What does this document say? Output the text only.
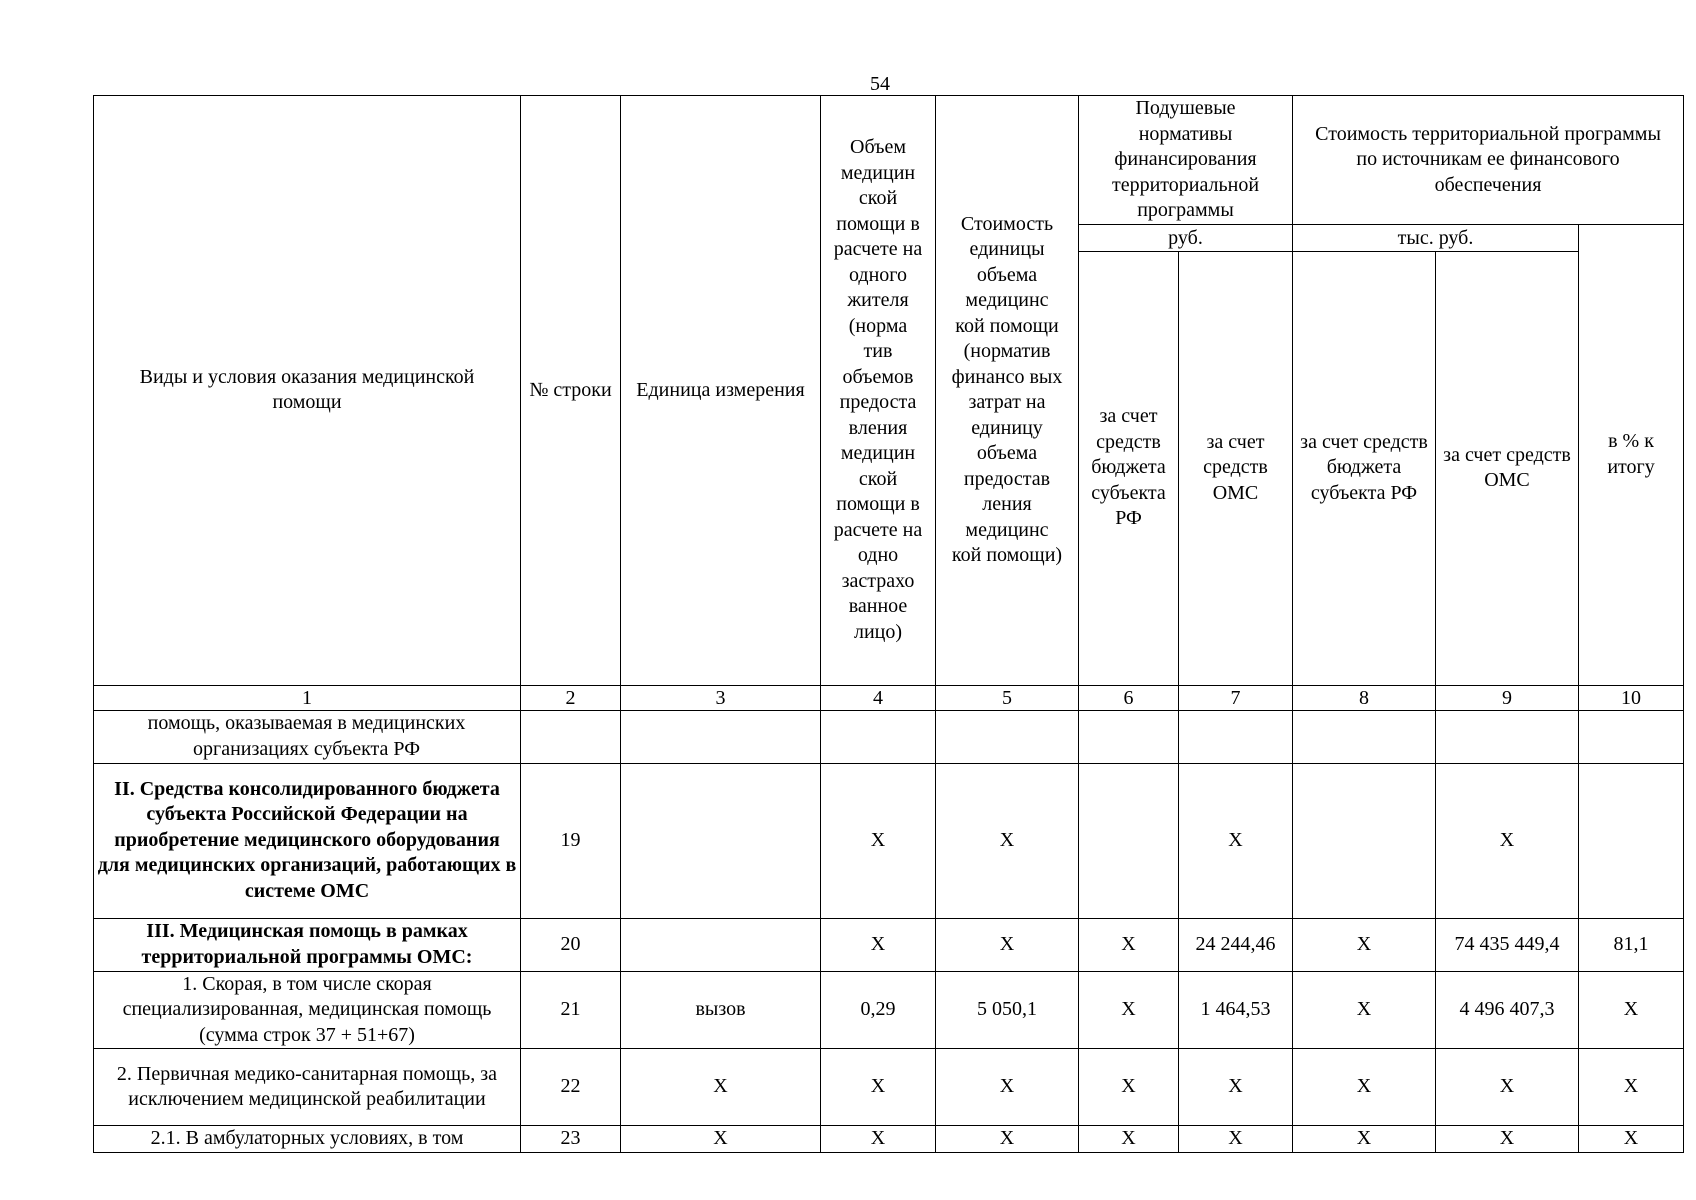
54
Виды и условия оказания медицинской помощи	№ строки	Единица измерения	Объем медицин ской помощи в расчете на одного жителя (норма тив объемов предоста вления медицин ской помощи в расчете на одно застрахо ванное лицо)	Стоимость единицы объема медицинс кой помощи (норматив финансо вых затрат на единицу объема предостав ления медицинс кой помощи)	Подушевые нормативы финансирования территориальной программы		Стоимость территориальной программы по источникам ее финансового обеспечения		
					руб.		тыс. руб.		в % к итогу
					за счет средств бюджета субъекта РФ	за счет средств ОМС	за счет средств бюджета субъекта РФ	за счет средств ОМС	
1	2	3	4	5	6	7	8	9	10
помощь, оказываемая в медицинских организациях субъекта РФ									
II. Средства консолидированного бюджета субъекта Российской Федерации на приобретение медицинского оборудования для медицинских организаций, работающих в системе ОМС	19		X	X		X		X	
III. Медицинская помощь в рамках территориальной программы ОМС:	20		X	X	X	24 244,46	X	74 435 449,4	81,1
1. Скорая, в том числе скорая специализированная, медицинская помощь (сумма строк 37 + 51+67)	21	вызов	0,29	5 050,1	X	1 464,53	X	4 496 407,3	X
2. Первичная медико-санитарная помощь, за исключением медицинской реабилитации	22	X	X	X	X	X	X	X	X
2.1. В амбулаторных условиях, в том	23	X	X	X	X	X	X	X	X
